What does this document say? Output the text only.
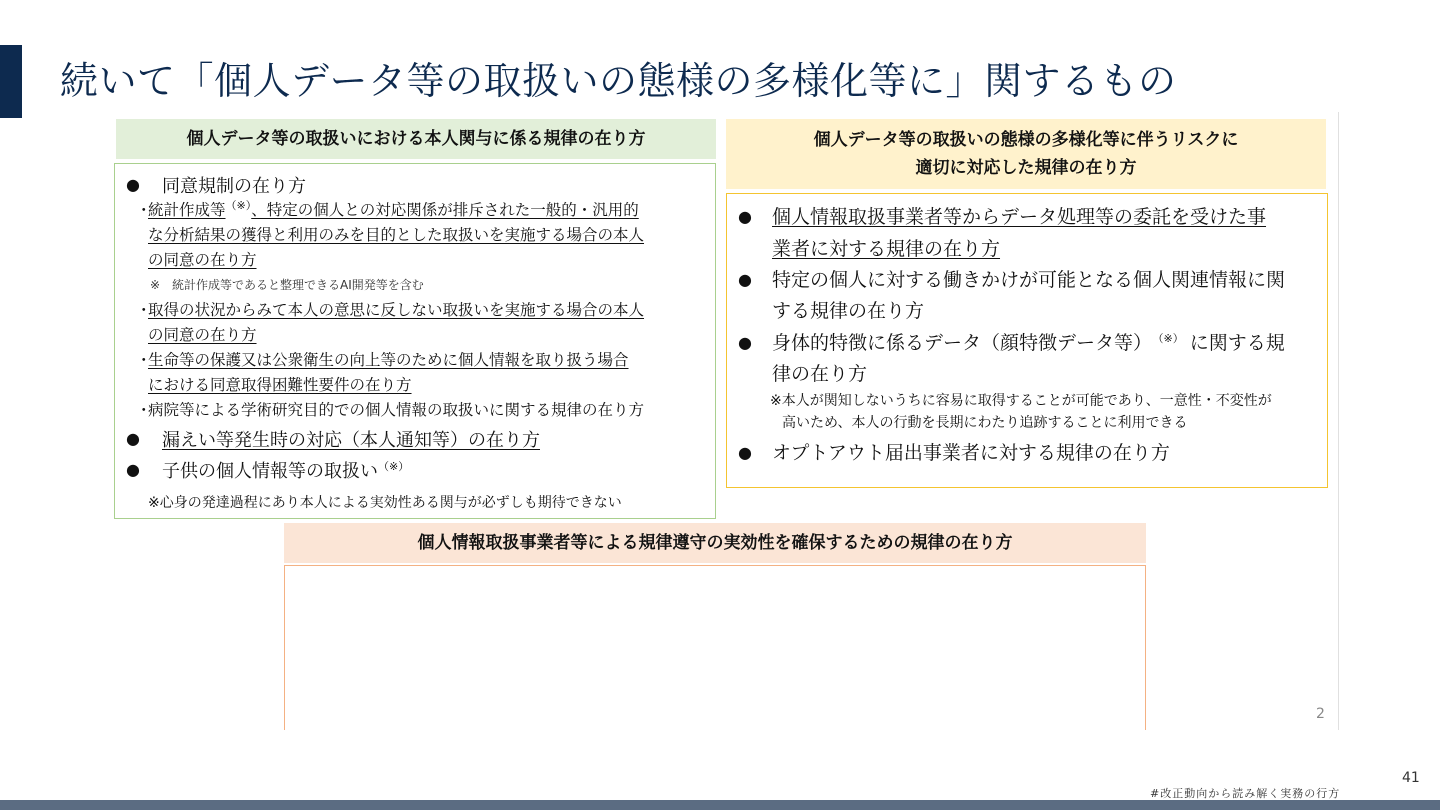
続いて「個人データ等の取扱いの態様の多様化等に」関するもの
個人データ等の取扱いにおける本人関与に係る規律の在り方
● 同意規制の在り方
・
統計作成等（※）、特定の個人との対応関係が排斥された一般的・汎用的
な分析結果の獲得と利用のみを目的とした取扱いを実施する場合の本人
の同意の在り方
※　統計作成等であると整理できるAI開発等を含む
・
取得の状況からみて本人の意思に反しない取扱いを実施する場合の本人
の同意の在り方
・
生命等の保護又は公衆衛生の向上等のために個人情報を取り扱う場合
における同意取得困難性要件の在り方
・
病院等による学術研究目的での個人情報の取扱いに関する規律の在り方
● 漏えい等発生時の対応（本人通知等）の在り方
● 子供の個人情報等の取扱い（※）
※心身の発達過程にあり本人による実効性ある関与が必ずしも期待できない
個人データ等の取扱いの態様の多様化等に伴うリスクに
適切に対応した規律の在り方
● 個人情報取扱事業者等からデータ処理等の委託を受けた事
業者に対する規律の在り方
● 特定の個人に対する働きかけが可能となる個人関連情報に関
する規律の在り方
● 身体的特徴に係るデータ（顔特徴データ等） （※） に関する規
律の在り方
※本人が関知しないうちに容易に取得することが可能であり、一意性・不変性が
高いため、本人の行動を長期にわたり追跡することに利用できる
● オプトアウト届出事業者に対する規律の在り方
個人情報取扱事業者等による規律遵守の実効性を確保するための規律の在り方
2
41
#改正動向から読み解く実務の行方
